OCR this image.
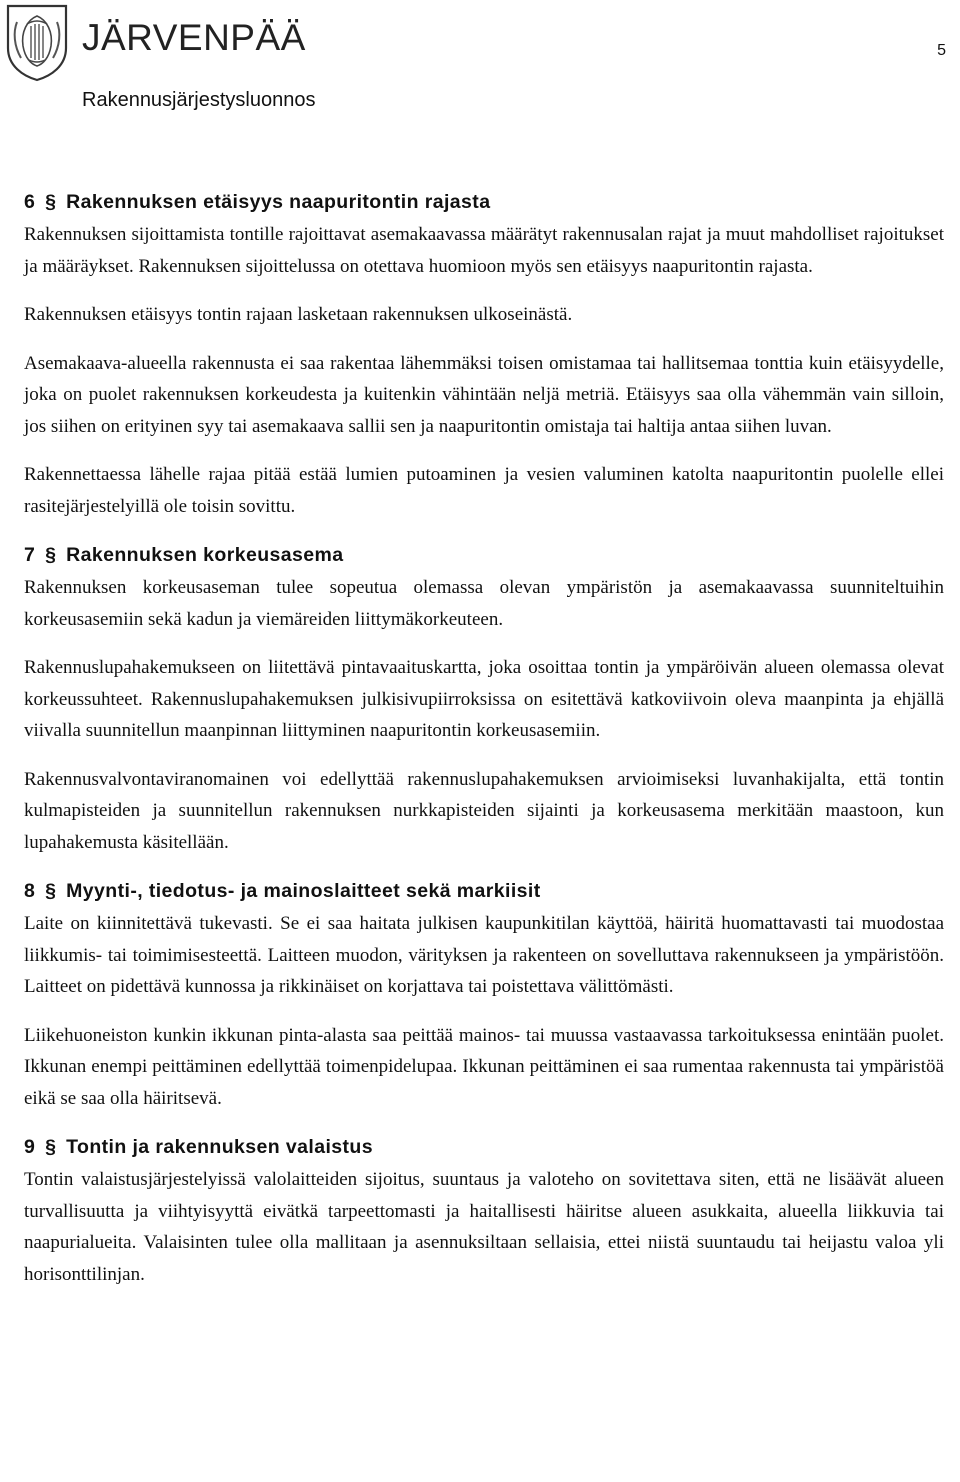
JÄRVENPÄÄ
Rakennusjärjestysluonnos
5
6 § Rakennuksen etäisyys naapuritontin rajasta

Rakennuksen sijoittamista tontille rajoittavat asemakaavassa määrätyt rakennusalan rajat ja muut mahdolliset rajoitukset ja määräykset. Rakennuksen sijoittelussa on otettava huomioon myös sen etäisyys naapuritontin rajasta.

Rakennuksen etäisyys tontin rajaan lasketaan rakennuksen ulkoseinästä.

Asemakaava-alueella rakennusta ei saa rakentaa lähemmäksi toisen omistamaa tai hallitsemaa tonttia kuin etäisyydelle, joka on puolet rakennuksen korkeudesta ja kuitenkin vähintään neljä metriä. Etäisyys saa olla vähemmän vain silloin, jos siihen on erityinen syy tai asemakaava sallii sen ja naapuritontin omistaja tai haltija antaa siihen luvan.

Rakennettaessa lähelle rajaa pitää estää lumien putoaminen ja vesien valuminen katolta naapuritontin puolelle ellei rasitejärjestelyillä ole toisin sovittu.

7 § Rakennuksen korkeusasema

Rakennuksen korkeusaseman tulee sopeutua olemassa olevan ympäristön ja asemakaavassa suunniteltuihin korkeusasemiin sekä kadun ja viemäreiden liittymäkorkeuteen.

Rakennuslupahakemukseen on liitettävä pintavaaituskartta, joka osoittaa tontin ja ympäröivän alueen olemassa olevat korkeussuhteet. Rakennuslupahakemuksen julkisivupiirroksissa on esitettävä katkoviivoin oleva maanpinta ja ehjällä viivalla suunnitellun maanpinnan liittyminen naapuritontin korkeusasemiin.

Rakennusvalvontaviranomainen voi edellyttää rakennuslupahakemuksen arvioimiseksi luvanhakijalta, että tontin kulmapisteiden ja suunnitellun rakennuksen nurkkapisteiden sijainti ja korkeusasema merkitään maastoon, kun lupahakemusta käsitellään.

8 § Myynti-, tiedotus- ja mainoslaitteet sekä markiisit

Laite on kiinnitettävä tukevasti. Se ei saa haitata julkisen kaupunkitilan käyttöä, häiritä huomattavasti tai muodostaa liikkumis- tai toimimisesteettä. Laitteen muodon, värityksen ja rakenteen on sovelluttava rakennukseen ja ympäristöön. Laitteet on pidettävä kunnossa ja rikkinäiset on korjattava tai poistettava välittömästi.

Liikehuoneiston kunkin ikkunan pinta-alasta saa peittää mainos- tai muussa vastaavassa tarkoituksessa enintään puolet. Ikkunan enempi peittäminen edellyttää toimenpidelupaa. Ikkunan peittäminen ei saa rumentaa rakennusta tai ympäristöä eikä se saa olla häiritsevä.

9 § Tontin ja rakennuksen valaistus

Tontin valaistusjärjestelyissä valolaitteiden sijoitus, suuntaus ja valoteho on sovitettava siten, että ne lisäävät alueen turvallisuutta ja viihtyisyyttä eivätkä tarpeettomasti ja haitallisesti häiritse alueen asukkaita, alueella liikkuvia tai naapurialueita. Valaisinten tulee olla mallitaan ja asennuksiltaan sellaisia, ettei niistä suuntaudu tai heijastu valoa yli horisonttilinjan.
